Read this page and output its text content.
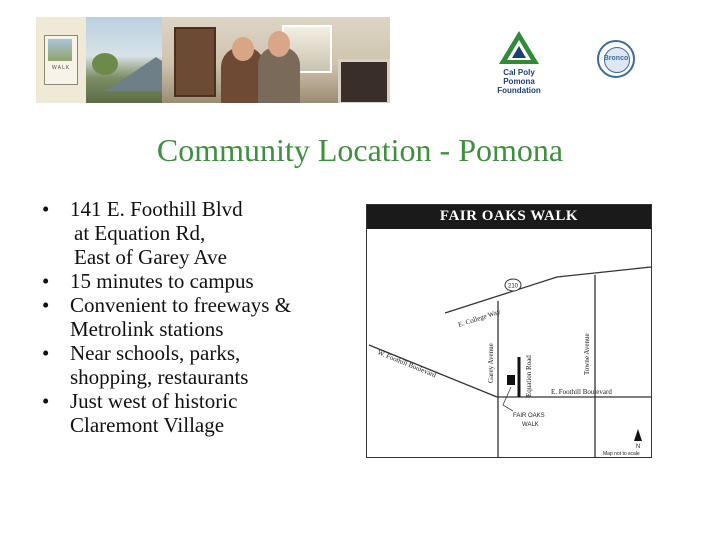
WALK	Cal Poly Pomona
Foundation
Bronco
Community Location - Pomona
• 141 E. Foothill Blvd
at Equation Rd,
East of Garey Ave
• 15 minutes to campus
• Convenient to freeways &
Metrolink stations
• Near schools, parks,
shopping, restaurants
• Just west of historic
Claremont Village
FAIR OAKS WALK
210
E. College Way
Garey Avenue	Equation Road
Towne Avenue
W. Foothill Boulevard
E. Foothill Boulevard
FAIR OAKS
WALK
N
Map not to scale
